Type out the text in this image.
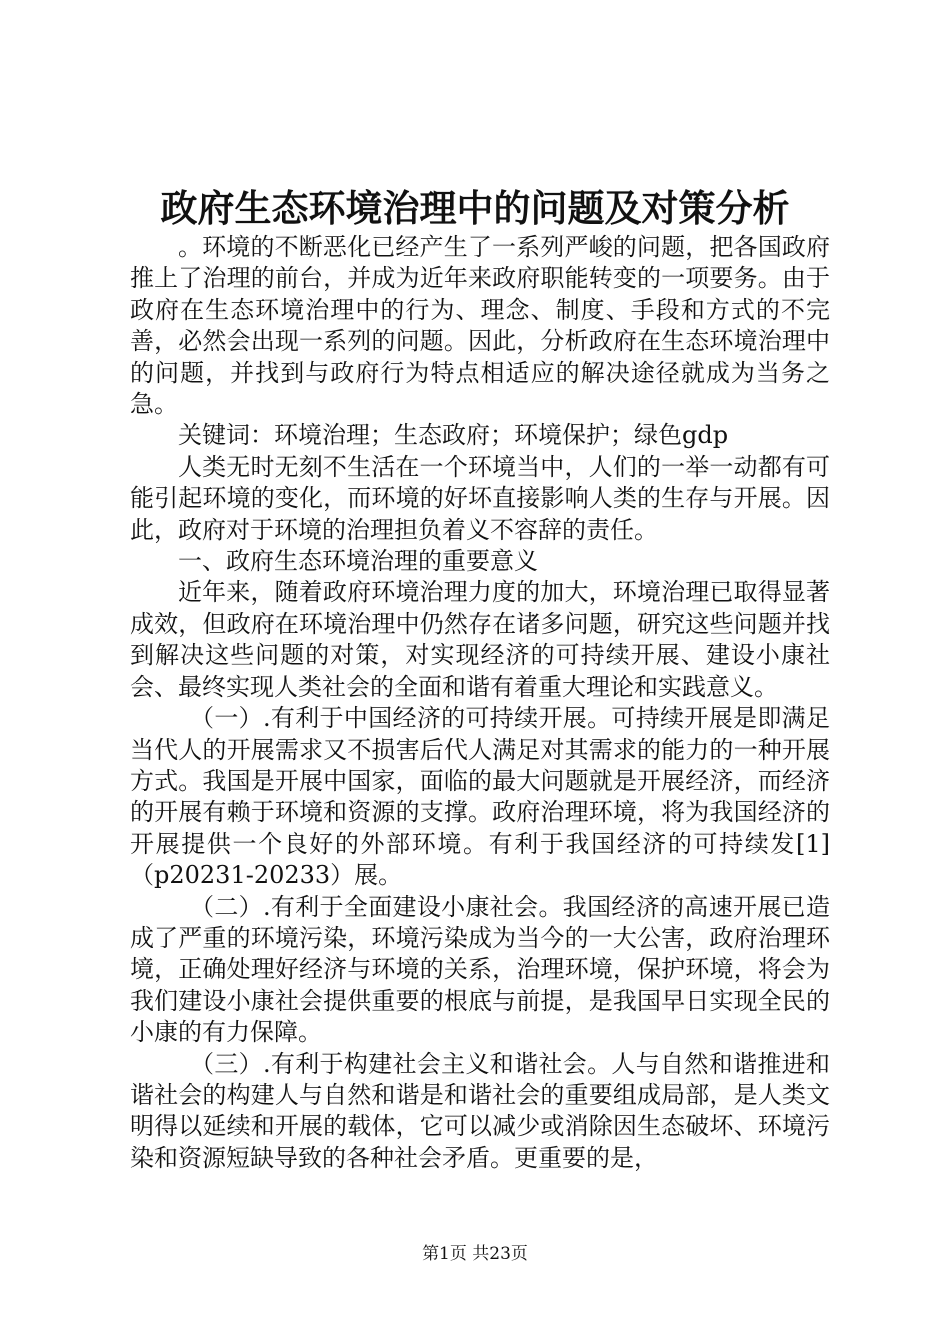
政府生态环境治理中的问题及对策分析

。环境的不断恶化已经产生了一系列严峻的问题，把各国政府推上了治理的前台，并成为近年来政府职能转变的一项要务。由于政府在生态环境治理中的行为、理念、制度、手段和方式的不完善，必然会出现一系列的问题。因此，分析政府在生态环境治理中的问题，并找到与政府行为特点相适应的解决途径就成为当务之急。

关键词：环境治理；生态政府；环境保护；绿色gdp

人类无时无刻不生活在一个环境当中，人们的一举一动都有可能引起环境的变化，而环境的好坏直接影响人类的生存与开展。因此，政府对于环境的治理担负着义不容辞的责任。

一、政府生态环境治理的重要意义

近年来，随着政府环境治理力度的加大，环境治理已取得显著成效，但政府在环境治理中仍然存在诸多问题，研究这些问题并找到解决这些问题的对策，对实现经济的可持续开展、建设小康社会、最终实现人类社会的全面和谐有着重大理论和实践意义。

（一）.有利于中国经济的可持续开展。可持续开展是即满足当代人的开展需求又不损害后代人满足对其需求的能力的一种开展方式。我国是开展中国家，面临的最大问题就是开展经济，而经济的开展有赖于环境和资源的支撑。政府治理环境，将为我国经济的开展提供一个良好的外部环境。有利于我国经济的可持续发[1]（p20231-20233）展。

（二）.有利于全面建设小康社会。我国经济的高速开展已造成了严重的环境污染，环境污染成为当今的一大公害，政府治理环境，正确处理好经济与环境的关系，治理环境，保护环境，将会为我们建设小康社会提供重要的根底与前提，是我国早日实现全民的小康的有力保障。

（三）.有利于构建社会主义和谐社会。人与自然和谐推进和谐社会的构建人与自然和谐是和谐社会的重要组成局部，是人类文明得以延续和开展的载体，它可以减少或消除因生态破坏、环境污染和资源短缺导致的各种社会矛盾。更重要的是，

第1页 共23页
